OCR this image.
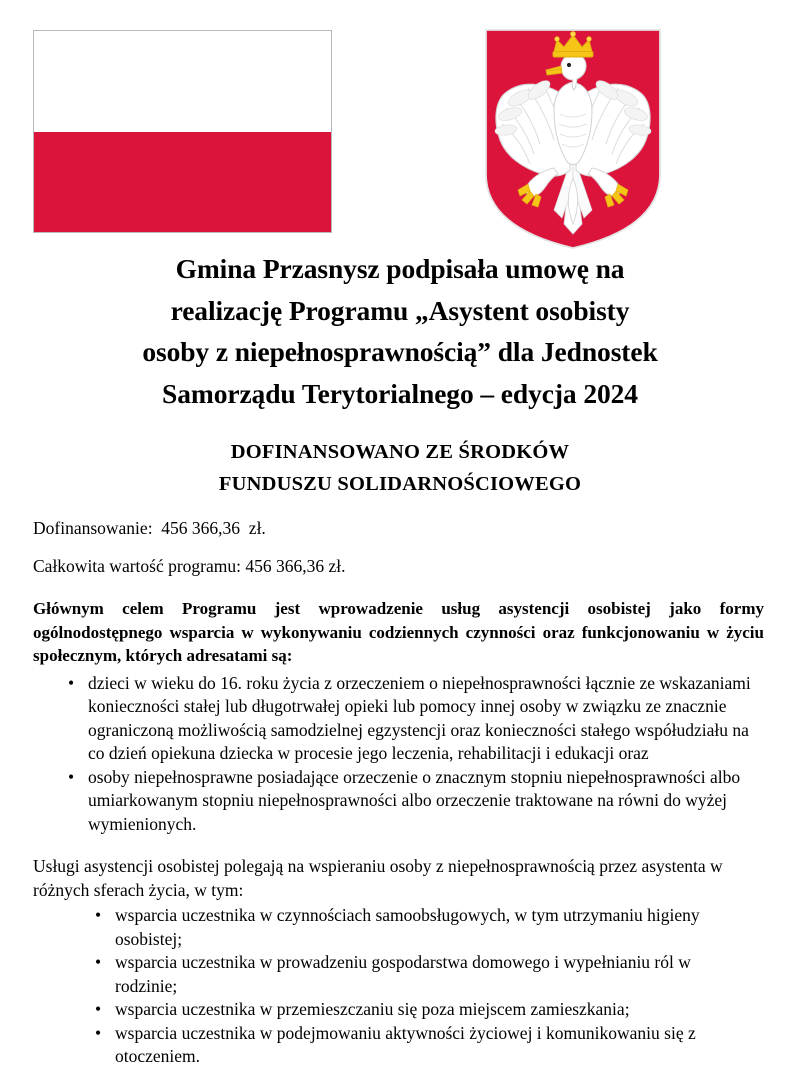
Gmina Przasnysz podpisała umowę na
realizację Programu „Asystent osobisty
osoby z niepełnosprawnością” dla Jednostek
Samorządu Terytorialnego – edycja 2024
DOFINANSOWANO ZE ŚRODKÓW
FUNDUSZU SOLIDARNOŚCIOWEGO

Dofinansowanie:  456 366,36  zł.

Całkowita wartość programu: 456 366,36 zł.

Głównym celem Programu jest wprowadzenie usług asystencji osobistej jako formy ogólnodostępnego wsparcia w wykonywaniu codziennych czynności oraz funkcjonowaniu w życiu społecznym, których adresatami są:

• dzieci w wieku do 16. roku życia z orzeczeniem o niepełnosprawności łącznie ze wskazaniami konieczności stałej lub długotrwałej opieki lub pomocy innej osoby w związku ze znacznie ograniczoną możliwością samodzielnej egzystencji oraz konieczności stałego współudziału na co dzień opiekuna dziecka w procesie jego leczenia, rehabilitacji i edukacji oraz
• osoby niepełnosprawne posiadające orzeczenie o znacznym stopniu niepełnosprawności albo umiarkowanym stopniu niepełnosprawności albo orzeczenie traktowane na równi do wyżej wymienionych.

Usługi asystencji osobistej polegają na wspieraniu osoby z niepełnosprawnością przez asystenta w różnych sferach życia, w tym:

• wsparcia uczestnika w czynnościach samoobsługowych, w tym utrzymaniu higieny osobistej;
• wsparcia uczestnika w prowadzeniu gospodarstwa domowego i wypełnianiu ról w rodzinie;
• wsparcia uczestnika w przemieszczaniu się poza miejscem zamieszkania;
• wsparcia uczestnika w podejmowaniu aktywności życiowej i komunikowaniu się z otoczeniem.
